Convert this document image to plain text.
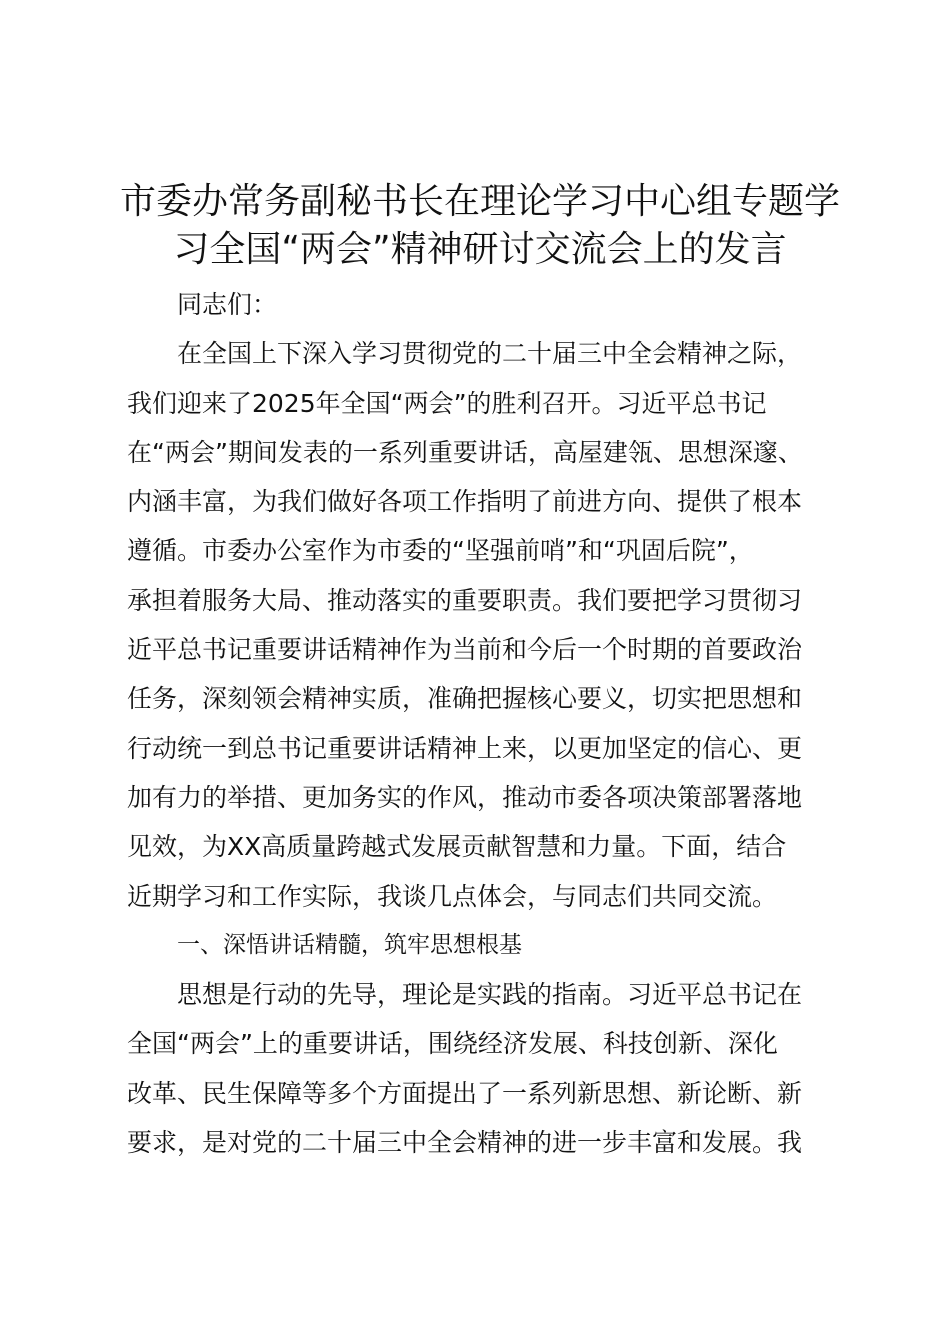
市委办常务副秘书长在理论学习中心组专题学
习全国“两会”精神研讨交流会上的发言
同志们：
在全国上下深入学习贯彻党的二十届三中全会精神之际，
我们迎来了2025年全国“两会”的胜利召开。习近平总书记
在“两会”期间发表的一系列重要讲话，高屋建瓴、思想深邃、
内涵丰富，为我们做好各项工作指明了前进方向、提供了根本
遵循。市委办公室作为市委的“坚强前哨”和“巩固后院”，
承担着服务大局、推动落实的重要职责。我们要把学习贯彻习
近平总书记重要讲话精神作为当前和今后一个时期的首要政治
任务，深刻领会精神实质，准确把握核心要义，切实把思想和
行动统一到总书记重要讲话精神上来，以更加坚定的信心、更
加有力的举措、更加务实的作风，推动市委各项决策部署落地
见效，为XX高质量跨越式发展贡献智慧和力量。下面，结合
近期学习和工作实际，我谈几点体会，与同志们共同交流。
一、深悟讲话精髓，筑牢思想根基
思想是行动的先导，理论是实践的指南。习近平总书记在
全国“两会”上的重要讲话，围绕经济发展、科技创新、深化
改革、民生保障等多个方面提出了一系列新思想、新论断、新
要求，是对党的二十届三中全会精神的进一步丰富和发展。我
